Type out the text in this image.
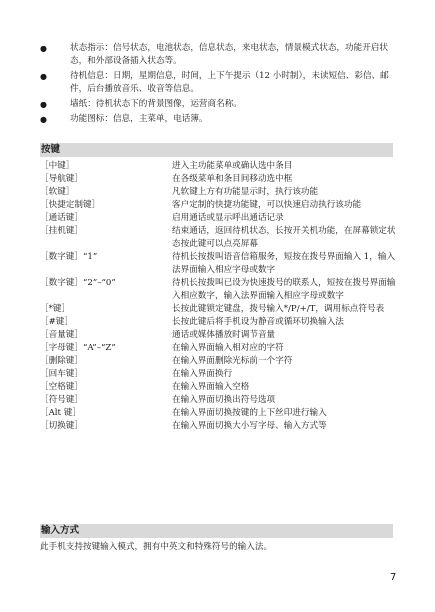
●	状态指示：信号状态，电池状态，信息状态，来电状态，情景模式状态，功能开启状态，和外部设备插入状态等。
●	待机信息：日期，星期信息，时间，上下午提示（12 小时制），未读短信、彩信、邮件，后台播放音乐、收音等信息。
●	墙纸：待机状态下的背景图像，运营商名称。
●	功能图标：信息，主菜单，电话簿。
按键
［中键］	进入主功能菜单或确认选中条目
［导航键］	在各级菜单和条目间移动选中框
［软键］	凡软键上方有功能显示时，执行该功能
［快捷定制键］	客户定制的快捷功能键，可以快速启动执行该功能
［通话键］	启用通话或显示呼出通话记录
［挂机键］	结束通话，返回待机状态，长按开关机功能，在屏幕锁定状态按此键可以点亮屏幕
［数字键］“1”	待机长按拨叫语音信箱服务，短按在拨号界面输入 1，输入法界面输入相应字母或数字
［数字键］“2”–“0”	待机长按拨叫已设为快速拨号的联系人，短按在拨号界面输入相应数字，输入法界面输入相应字母或数字
［*键］	长按此键锁定键盘，拨号输入*/P/+/T，调用标点符号表
［#键］	长按此键后将手机设为静音或循环切换输入法
［音量键］	通话或媒体播放时调节音量
［字母键］“A”–“Z”	在输入界面输入相对应的字符
［删除键］	在输入界面删除光标前一个字符
［回车键］	在输入界面换行
［空格键］	在输入界面输入空格
［符号键］	在输入界面切换出符号选项
［Alt 键］	在输入界面切换按键的上下丝印进行输入
［切换键］	在输入界面切换大小写字母、输入方式等
输入方式
此手机支持按键输入模式，拥有中英文和特殊符号的输入法。
7
